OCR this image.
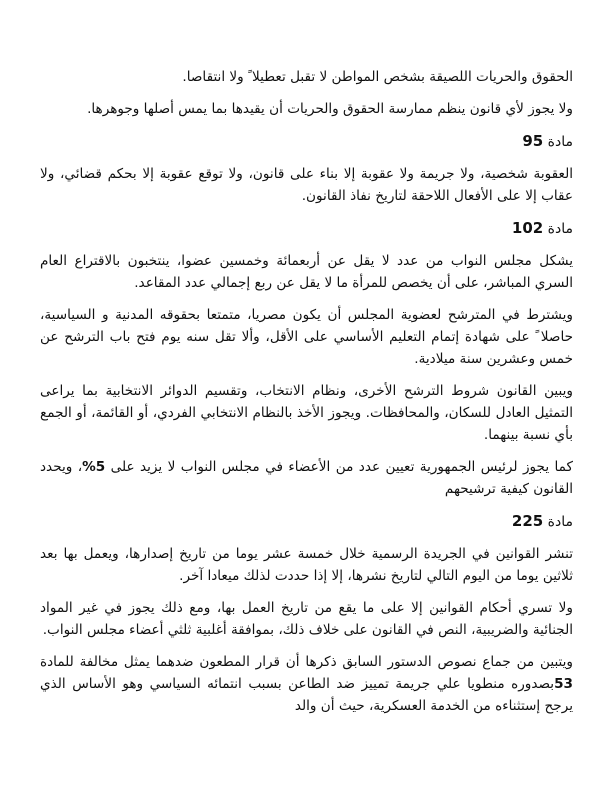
الحقوق والحريات اللصيقة بشخص المواطن لا تقبل تعطيلا ً ولا انتقاصا.

ولا يجوز لأي قانون ينظم ممارسة الحقوق والحريات أن يقيدها بما يمس أصلها وجوهرها.

مادة 95

العقوبة شخصية، ولا جريمة ولا عقوبة إلا بناء على قانون، ولا توقع عقوبة إلا بحكم قضائي، ولا عقاب إلا على الأفعال اللاحقة لتاريخ نفاذ القانون.

مادة 102

يشكل مجلس النواب من عدد لا يقل عن أربعمائة وخمسين عضوا، ينتخبون بالاقتراع العام السري المباشر، على أن يخصص للمرأة ما لا يقل عن ربع إجمالي عدد المقاعد.

ويشترط في المترشح لعضوية المجلس أن يكون مصريا، متمتعا بحقوقه المدنية و السياسية، حاصلا ً على شهادة إتمام التعليم الأساسي على الأقل، وألا تقل سنه يوم فتح باب الترشح عن خمس وعشرين سنة ميلادية.

ويبين القانون شروط الترشح الأخرى، ونظام الانتخاب، وتقسيم الدوائر الانتخابية بما يراعى التمثيل العادل للسكان، والمحافظات. ويجوز الأخذ بالنظام الانتخابي الفردي، أو القائمة، أو الجمع بأي نسبة بينهما.

كما يجوز لرئيس الجمهورية تعيين عدد من الأعضاء في مجلس النواب لا يزيد على 5%، ويحدد القانون كيفية ترشيحهم

مادة 225

تنشر القوانين في الجريدة الرسمية خلال خمسة عشر يوما من تاريخ إصدارها، ويعمل بها بعد ثلاثين يوما من اليوم التالي لتاريخ نشرها، إلا إذا حددت لذلك ميعادا آخر.

ولا تسري أحكام القوانين إلا على ما يقع من تاريخ العمل بها، ومع ذلك يجوز في غير المواد الجنائية والضريبية، النص في القانون على خلاف ذلك، بموافقة أغلبية ثلثي أعضاء مجلس النواب.

ويتبين من جماع نصوص الدستور السابق ذكرها أن قرار المطعون ضدهما يمثل مخالفة للمادة 53بصدوره منطويا علي جريمة تمييز ضد الطاعن بسبب انتمائه السياسي وهو الأساس الذي يرجح إستثناءه من الخدمة العسكرية، حيث أن والد
